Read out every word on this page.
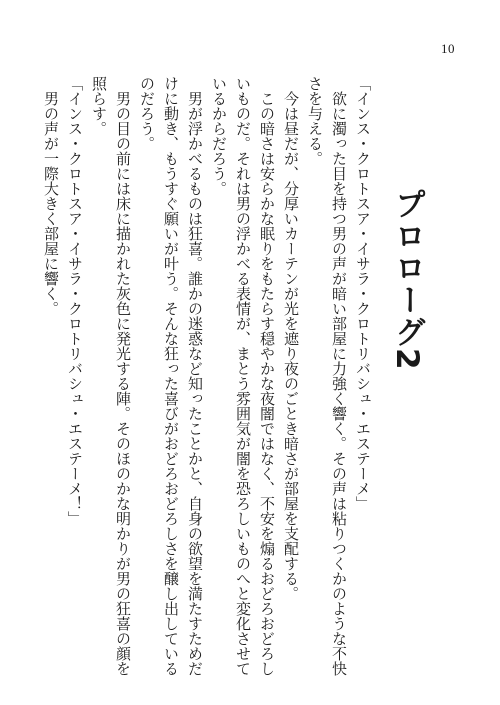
10
プロローグ2

「インス・クロトスア・イサラ・クロトリバシュ・エステーメ」

　欲に濁った目を持つ男の声が暗い部屋に力強く響く。その声は粘りつくかのような不快

さを与える。

　今は昼だが、分厚いカーテンが光を遮り夜のごとき暗さが部屋を支配する。

　この暗さは安らかな眠りをもたらす穏やかな夜闇ではなく、不安を煽るおどろおどろし

いものだ。それは男の浮かべる表情が、まとう雰囲気が闇を恐ろしいものへと変化させて

いるからだろう。

　男が浮かべるものは狂喜。誰かの迷惑など知ったことかと、自身の欲望を満たすためだ

けに動き、もうすぐ願いが叶う。そんな狂った喜びがおどろおどろしさを醸し出している

のだろう。

　男の目の前には床に描かれた灰色に発光する陣。そのほのかな明かりが男の狂喜の顔を

照らす。

「インス・クロトスア・イサラ・クロトリバシュ・エステーメ！」

　男の声が一際大きく部屋に響く。
